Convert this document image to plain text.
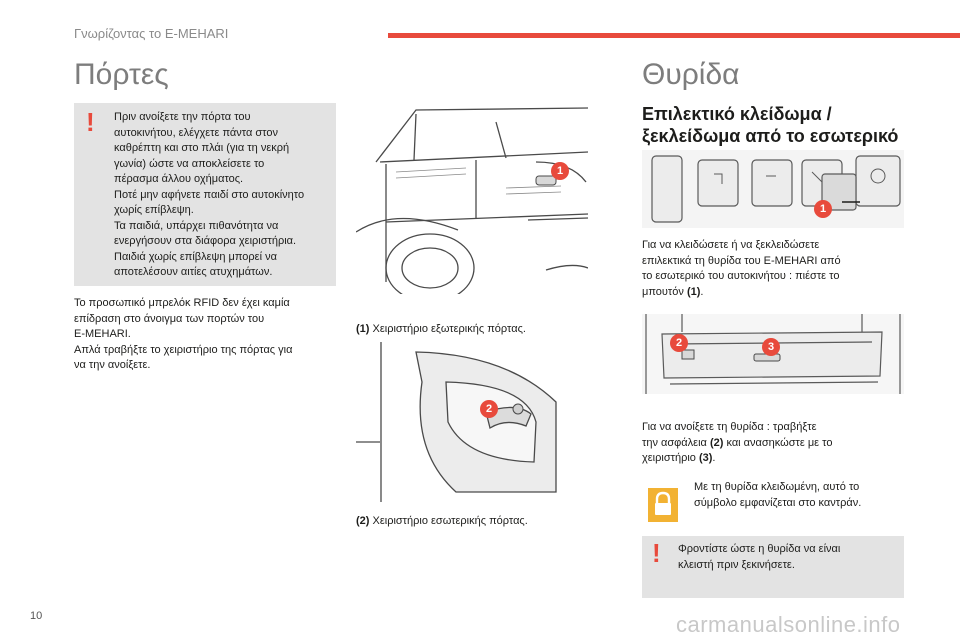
Γνωρίζοντας το E-MEHARI
Πόρτες
! Πριν ανοίξετε την πόρτα του

αυτοκινήτου, ελέγχετε πάντα στον

καθρέπτη και στο πλάι (για τη νεκρή

γωνία) ώστε να αποκλείσετε το

πέρασμα άλλου οχήματος.

Ποτέ μην αφήνετε παιδί στο αυτοκίνητο

χωρίς επίβλεψη.

Τα παιδιά, υπάρχει πιθανότητα να

ενεργήσουν στα διάφορα χειριστήρια.

Παιδιά χωρίς επίβλεψη μπορεί να

αποτελέσουν αιτίες ατυχημάτων.

Το προσωπικό μπρελόκ RFID δεν έχει καμία

επίδραση στο άνοιγμα των πορτών του

E-MEHARI.

Απλά τραβήξτε το χειριστήριο της πόρτας για

να την ανοίξετε.

1
(1) Χειριστήριο εξωτερικής πόρτας.
2
(2) Χειριστήριο εσωτερικής πόρτας.
Θυρίδα
Επιλεκτικό κλείδωμα /
ξεκλείδωμα από το εσωτερικό
1

Για να κλειδώσετε ή να ξεκλειδώσετε

επιλεκτικά τη θυρίδα του E-MEHARI από

το εσωτερικό του αυτοκινήτου : πιέστε το

μπουτόν (1).

2	3

Για να ανοίξετε τη θυρίδα : τραβήξτε

την ασφάλεια (2) και ανασηκώστε με το

χειριστήριο (3).

Με τη θυρίδα κλειδωμένη, αυτό το

σύμβολο εμφανίζεται στο καντράν.

! Φροντίστε ώστε η θυρίδα να είναι

κλειστή πριν ξεκινήσετε.

10	carmanualsonline.info
